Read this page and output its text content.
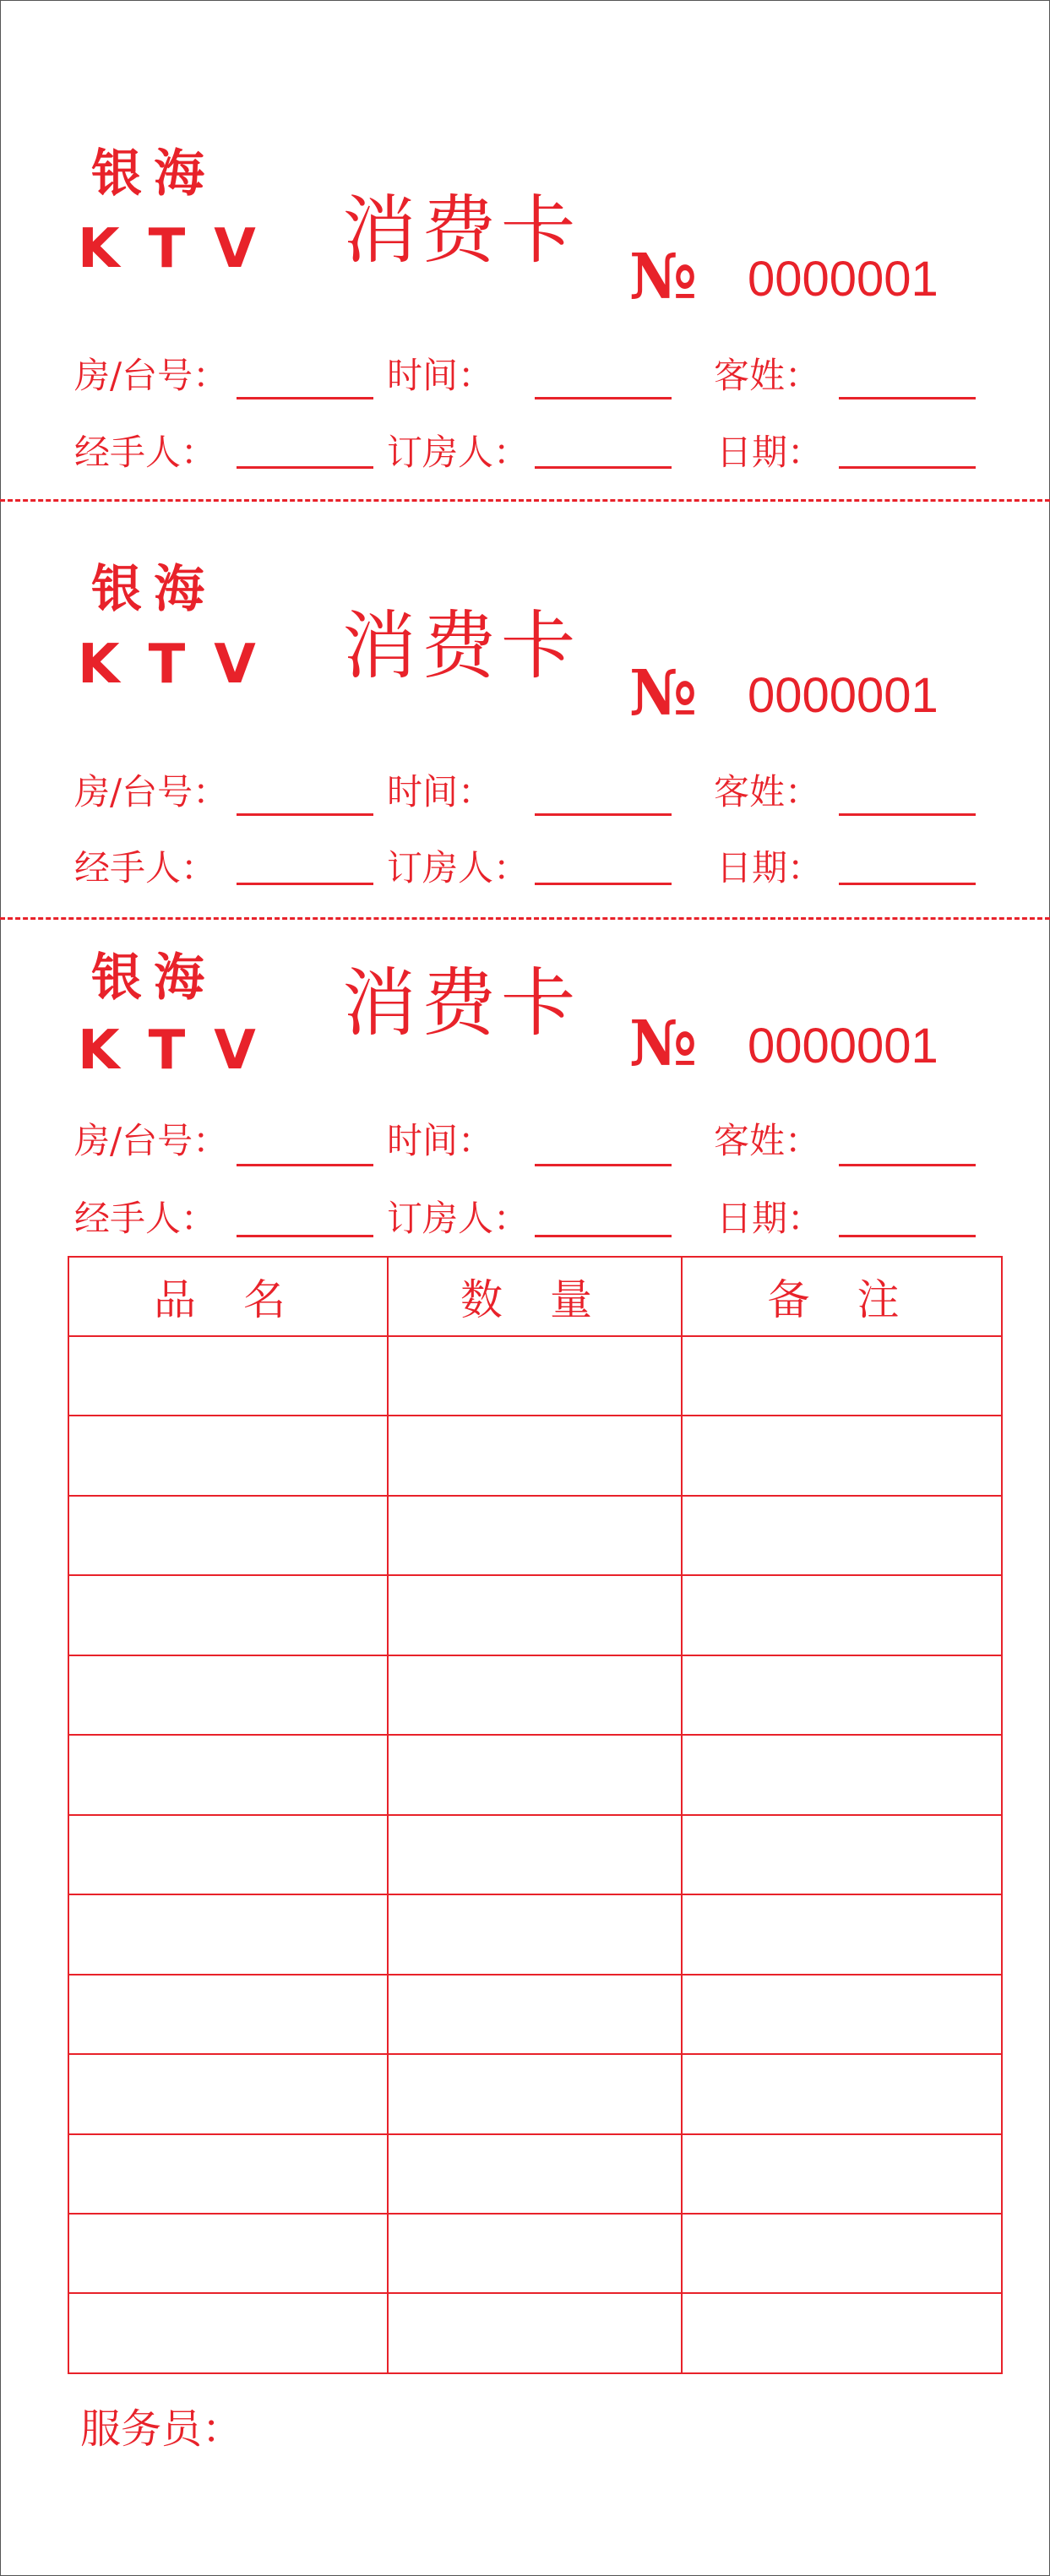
银海
KTV 消费卡
№ 0000001
房/台号：	时间：	客姓：
经手人：	订房人：	日期：
银海
KTV 消费卡
№ 0000001
房/台号：	时间：	客姓：
经手人：	订房人：	日期：
银海
KTV
消费卡 № 0000001
房/台号：	时间：	客姓：
经手人：	订房人：	日期：
品 名	数 量	备 注

服务员：
